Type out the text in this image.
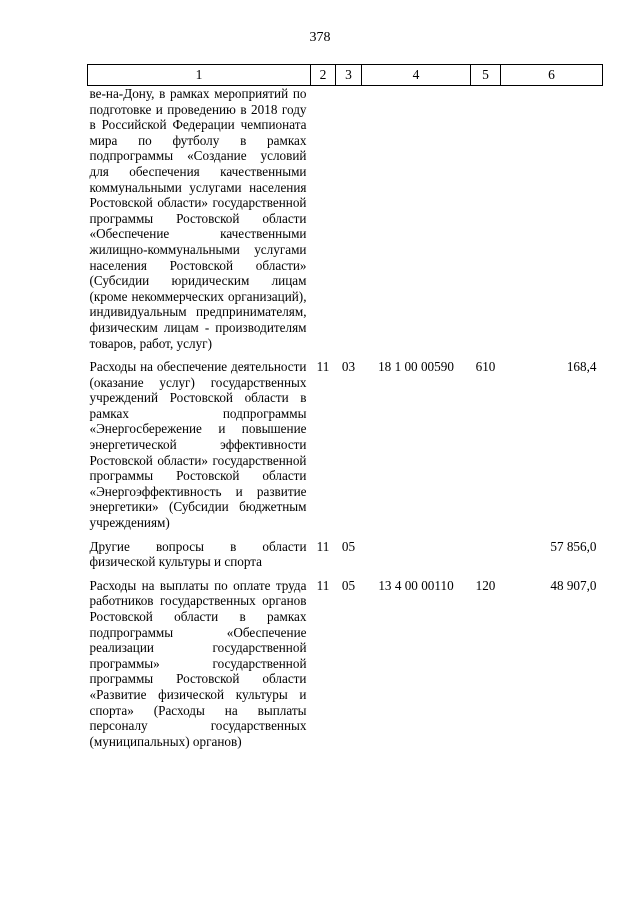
378
1	2	3	4	5	6
ве-на-Дону, в рамках мероприятий по подготовке и проведению в 2018 году в Российской Федерации чемпионата мира по футболу в рамках подпрограммы «Создание условий для обеспечения качественными коммунальными услугами населения Ростовской области» государственной программы Ростовской области «Обеспечение качественными жилищно-коммунальными услугами населения Ростовской области» (Субсидии юридическим лицам (кроме некоммерческих организаций), индивидуальным предпринимателям, физическим лицам - производителям товаров, работ, услуг)					
Расходы на обеспечение деятельности (оказание услуг) государственных учреждений Ростовской области в рамках подпрограммы «Энергосбережение и повышение энергетической эффективности Ростовской области» государственной программы Ростовской области «Энергоэффективность и развитие энергетики» (Субсидии бюджетным учреждениям)	11	03	18 1 00 00590	610	168,4
Другие вопросы в области физической культуры и спорта	11	05			57 856,0
Расходы на выплаты по оплате труда работников государственных органов Ростовской области в рамках подпрограммы «Обеспечение реализации государственной программы» государственной программы Ростовской области «Развитие физической культуры и спорта» (Расходы на выплаты персоналу государственных (муниципальных) органов)	11	05	13 4 00 00110	120	48 907,0
